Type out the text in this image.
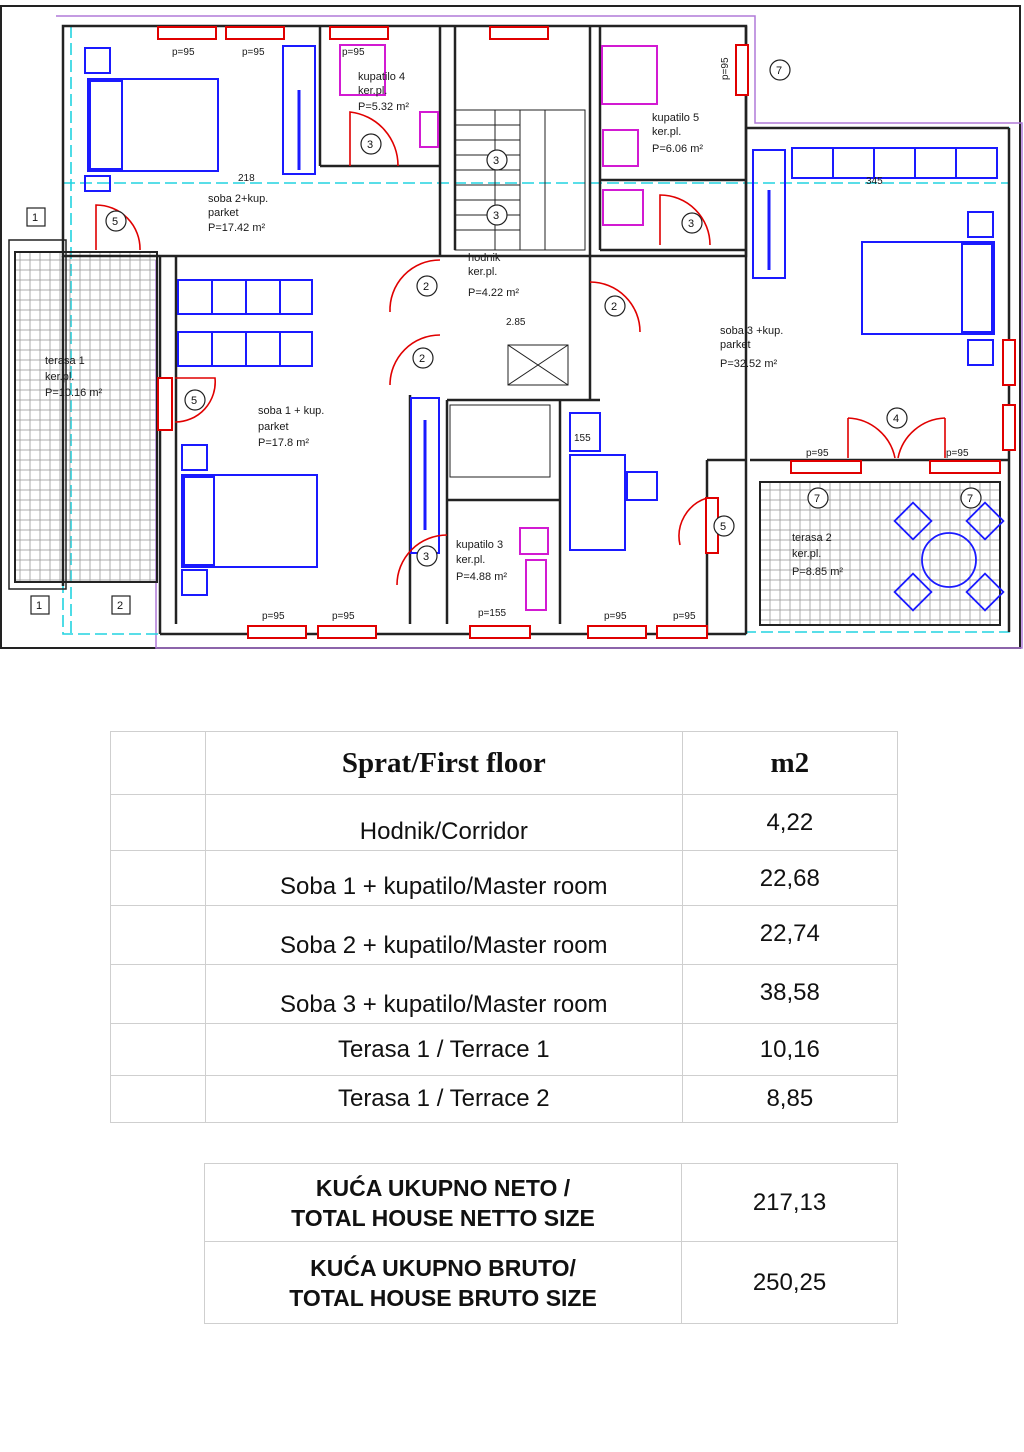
soba 2+kup.
parket
P=17.42 m²
kupatilo 4
ker.pl.
P=5.32 m²
kupatilo 5
ker.pl.
P=6.06 m²
hodnik
ker.pl.
P=4.22 m²
soba 3 +kup.
parket
P=32.52 m²
terasa 1
ker.pl.
P=10.16 m²
soba 1 + kup.
parket
P=17.8 m²
kupatilo 3
ker.pl.
P=4.88 m²
terasa 2
ker.pl.
P=8.85 m²
p=95	p=95	p=95
p=95	p=95	p=155	p=95	p=95
p=95	p=95
p=95
3
5
2
2
2
3
3
3
5
5
4
3
7
7	7
1
1	2
2.85
345
218
155
	Sprat/First floor	m2
	Hodnik/Corridor	4,22
	Soba 1 + kupatilo/Master room	22,68
	Soba 2 + kupatilo/Master room	22,74
	Soba 3 + kupatilo/Master room	38,58
	Terasa 1 / Terrace 1	10,16
	Terasa 1 / Terrace 2	8,85
KUĆA UKUPNO NETO /
TOTAL HOUSE NETTO SIZE	217,13

KUĆA UKUPNO BRUTO/
TOTAL HOUSE BRUTO SIZE	250,25
